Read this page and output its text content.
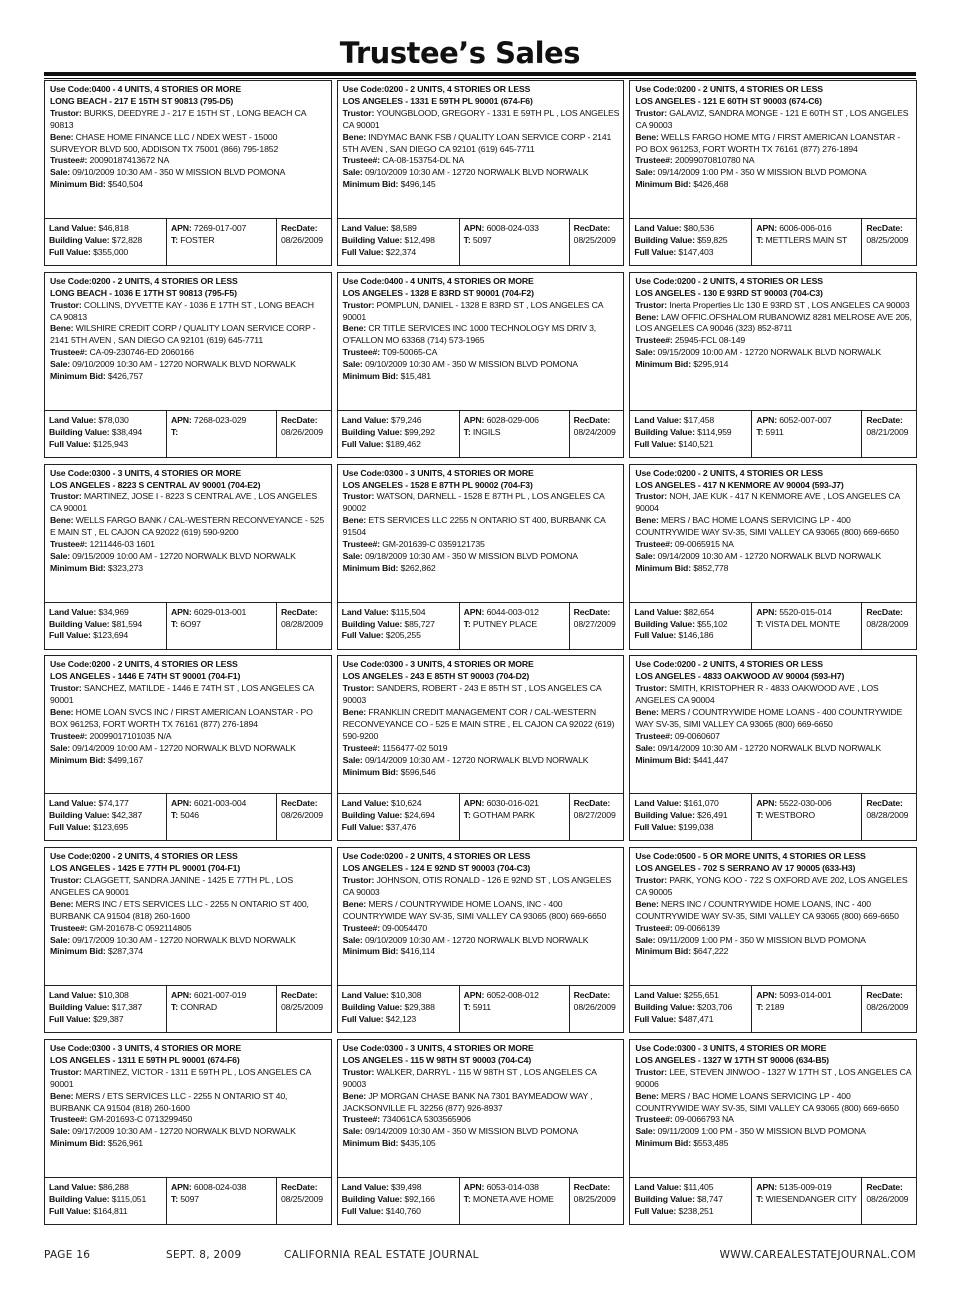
Trustee’s Sales
Use Code:0400 - 4 UNITS, 4 STORIES OR MORE
LONG BEACH - 217 E 15TH ST 90813 (795-D5)
Trustor: BURKS, DEEDYRE J - 217 E 15TH ST , LONG BEACH CA 90813
Bene: CHASE HOME FINANCE LLC / NDEX WEST - 15000 SURVEYOR BLVD 500, ADDISON TX 75001 (866) 795-1852
Trustee#: 20090187413672 NA
Sale: 09/10/2009 10:30 AM - 350 W MISSION BLVD POMONA
Minimum Bid: $540,504
Land Value: $46,818
Building Value: $72,828
Full Value: $355,000
APN: 7269-017-007
T: FOSTER
RecDate:
08/26/2009
Use Code:0200 - 2 UNITS, 4 STORIES OR LESS
LOS ANGELES - 1331 E 59TH PL 90001 (674-F6)
Trustor: YOUNGBLOOD, GREGORY - 1331 E 59TH PL , LOS ANGELES CA 90001
Bene: INDYMAC BANK FSB / QUALITY LOAN SERVICE CORP - 2141 5TH AVEN , SAN DIEGO CA 92101 (619) 645-7711
Trustee#: CA-08-153754-DL NA
Sale: 09/10/2009 10:30 AM - 12720 NORWALK BLVD NORWALK
Minimum Bid: $496,145
Land Value: $8,589
Building Value: $12,498
Full Value: $22,374
APN: 6008-024-033
T: 5097
RecDate:
08/25/2009
Use Code:0200 - 2 UNITS, 4 STORIES OR LESS
LOS ANGELES - 121 E 60TH ST 90003 (674-C6)
Trustor: GALAVIZ, SANDRA MONGE - 121 E 60TH ST , LOS ANGELES CA 90003
Bene: WELLS FARGO HOME MTG / FIRST AMERICAN LOANSTAR - PO BOX 961253, FORT WORTH TX 76161 (877) 276-1894
Trustee#: 20099070810780 NA
Sale: 09/14/2009 1:00 PM - 350 W MISSION BLVD POMONA
Minimum Bid: $426,468
Land Value: $80,536
Building Value: $59,825
Full Value: $147,403
APN: 6006-006-016
T: METTLERS MAIN ST
RecDate:
08/25/2009
Use Code:0200 - 2 UNITS, 4 STORIES OR LESS
LONG BEACH - 1036 E 17TH ST 90813 (795-F5)
Trustor: COLLINS, DYVETTE KAY - 1036 E 17TH ST , LONG BEACH CA 90813
Bene: WILSHIRE CREDIT CORP / QUALITY LOAN SERVICE CORP - 2141 5TH AVEN , SAN DIEGO CA 92101 (619) 645-7711
Trustee#: CA-09-230746-ED 2060166
Sale: 09/10/2009 10:30 AM - 12720 NORWALK BLVD NORWALK
Minimum Bid: $426,757
Land Value: $78,030
Building Value: $38,494
Full Value: $125,943
APN: 7268-023-029
T:
RecDate:
08/26/2009
Use Code:0400 - 4 UNITS, 4 STORIES OR MORE
LOS ANGELES - 1328 E 83RD ST 90001 (704-F2)
Trustor: POMPLUN, DANIEL - 1328 E 83RD ST , LOS ANGELES CA 90001
Bene: CR TITLE SERVICES INC 1000 TECHNOLOGY MS DRIV 3, O'FALLON MO 63368 (714) 573-1965
Trustee#: T09-50065-CA
Sale: 09/10/2009 10:30 AM - 350 W MISSION BLVD POMONA
Minimum Bid: $15,481
Land Value: $79,246
Building Value: $99,292
Full Value: $189,462
APN: 6028-029-006
T: INGILS
RecDate:
08/24/2009
Use Code:0200 - 2 UNITS, 4 STORIES OR LESS
LOS ANGELES - 130 E 93RD ST 90003 (704-C3)
Trustor: Inerta Properties Llc 130 E 93RD ST , LOS ANGELES CA 90003
Bene: LAW OFFIC.OFSHALOM RUBANOWIZ 8281 MELROSE AVE 205, LOS ANGELES CA 90046 (323) 852-8711
Trustee#: 25945-FCL 08-149
Sale: 09/15/2009 10:00 AM - 12720 NORWALK BLVD NORWALK
Minimum Bid: $295,914
Land Value: $17,458
Building Value: $114,959
Full Value: $140,521
APN: 6052-007-007
T: 5911
RecDate:
08/21/2009
Use Code:0300 - 3 UNITS, 4 STORIES OR MORE
LOS ANGELES - 8223 S CENTRAL AV 90001 (704-E2)
Trustor: MARTINEZ, JOSE I - 8223 S CENTRAL AVE , LOS ANGELES CA 90001
Bene: WELLS FARGO BANK / CAL-WESTERN RECONVEYANCE - 525 E MAIN ST , EL CAJON CA 92022 (619) 590-9200
Trustee#: 1211446-03 1601
Sale: 09/15/2009 10:00 AM - 12720 NORWALK BLVD NORWALK
Minimum Bid: $323,273
Land Value: $34,969
Building Value: $81,594
Full Value: $123,694
APN: 6029-013-001
T: 6O97
RecDate:
08/28/2009
Use Code:0300 - 3 UNITS, 4 STORIES OR MORE
LOS ANGELES - 1528 E 87TH PL 90002 (704-F3)
Trustor: WATSON, DARNELL - 1528 E 87TH PL , LOS ANGELES CA 90002
Bene: ETS SERVICES LLC 2255 N ONTARIO ST 400, BURBANK CA 91504
Trustee#: GM-201639-C 0359121735
Sale: 09/18/2009 10:30 AM - 350 W MISSION BLVD POMONA
Minimum Bid: $262,862
Land Value: $115,504
Building Value: $85,727
Full Value: $205,255
APN: 6044-003-012
T: PUTNEY PLACE
RecDate:
08/27/2009
Use Code:0200 - 2 UNITS, 4 STORIES OR LESS
LOS ANGELES - 417 N KENMORE AV 90004 (593-J7)
Trustor: NOH, JAE KUK - 417 N KENMORE AVE , LOS ANGELES CA 90004
Bene: MERS / BAC HOME LOANS SERVICING LP - 400 COUNTRYWIDE WAY SV-35, SIMI VALLEY CA 93065 (800) 669-6650
Trustee#: 09-0065915 NA
Sale: 09/14/2009 10:30 AM - 12720 NORWALK BLVD NORWALK
Minimum Bid: $852,778
Land Value: $82,654
Building Value: $55,102
Full Value: $146,186
APN: 5520-015-014
T: VISTA DEL MONTE
RecDate:
08/28/2009
Use Code:0200 - 2 UNITS, 4 STORIES OR LESS
LOS ANGELES - 1446 E 74TH ST 90001 (704-F1)
Trustor: SANCHEZ, MATILDE - 1446 E 74TH ST , LOS ANGELES CA 90001
Bene: HOME LOAN SVCS INC / FIRST AMERICAN LOANSTAR - PO BOX 961253, FORT WORTH TX 76161 (877) 276-1894
Trustee#: 20099017101035 N/A
Sale: 09/14/2009 10:00 AM - 12720 NORWALK BLVD NORWALK
Minimum Bid: $499,167
Land Value: $74,177
Building Value: $42,387
Full Value: $123,695
APN: 6021-003-004
T: 5046
RecDate:
08/26/2009
Use Code:0300 - 3 UNITS, 4 STORIES OR MORE
LOS ANGELES - 243 E 85TH ST 90003 (704-D2)
Trustor: SANDERS, ROBERT - 243 E 85TH ST , LOS ANGELES CA 90003
Bene: FRANKLIN CREDIT MANAGEMENT COR / CAL-WESTERN RECONVEYANCE CO - 525 E MAIN STRE , EL CAJON CA 92022 (619) 590-9200
Trustee#: 1156477-02 5019
Sale: 09/14/2009 10:30 AM - 12720 NORWALK BLVD NORWALK
Minimum Bid: $596,546
Land Value: $10,624
Building Value: $24,694
Full Value: $37,476
APN: 6030-016-021
T: GOTHAM PARK
RecDate:
08/27/2009
Use Code:0200 - 2 UNITS, 4 STORIES OR LESS
LOS ANGELES - 4833 OAKWOOD AV 90004 (593-H7)
Trustor: SMITH, KRISTOPHER R - 4833 OAKWOOD AVE , LOS ANGELES CA 90004
Bene: MERS / COUNTRYWIDE HOME LOANS - 400 COUNTRYWIDE WAY SV-35, SIMI VALLEY CA 93065 (800) 669-6650
Trustee#: 09-0060607
Sale: 09/14/2009 10:30 AM - 12720 NORWALK BLVD NORWALK
Minimum Bid: $441,447
Land Value: $161,070
Building Value: $26,491
Full Value: $199,038
APN: 5522-030-006
T: WESTBORO
RecDate:
08/28/2009
Use Code:0200 - 2 UNITS, 4 STORIES OR LESS
LOS ANGELES - 1425 E 77TH PL 90001 (704-F1)
Trustor: CLAGGETT, SANDRA JANINE - 1425 E 77TH PL , LOS ANGELES CA 90001
Bene: MERS INC / ETS SERVICES LLC - 2255 N ONTARIO ST 400, BURBANK CA 91504 (818) 260-1600
Trustee#: GM-201678-C 0592114805
Sale: 09/17/2009 10:30 AM - 12720 NORWALK BLVD NORWALK
Minimum Bid: $287,374
Land Value: $10,308
Building Value: $17,387
Full Value: $29,387
APN: 6021-007-019
T: CONRAD
RecDate:
08/25/2009
Use Code:0200 - 2 UNITS, 4 STORIES OR LESS
LOS ANGELES - 124 E 92ND ST 90003 (704-C3)
Trustor: JOHNSON, OTIS RONALD - 126 E 92ND ST , LOS ANGELES CA 90003
Bene: MERS / COUNTRYWIDE HOME LOANS, INC - 400 COUNTRYWIDE WAY SV-35, SIMI VALLEY CA 93065 (800) 669-6650
Trustee#: 09-0054470
Sale: 09/10/2009 10:30 AM - 12720 NORWALK BLVD NORWALK
Minimum Bid: $416,114
Land Value: $10,308
Building Value: $29,388
Full Value: $42,123
APN: 6052-008-012
T: 5911
RecDate:
08/26/2009
Use Code:0500 - 5 OR MORE UNITS, 4 STORIES OR LESS
LOS ANGELES - 702 S SERRANO AV 17 90005 (633-H3)
Trustor: PARK, YONG KOO - 722 S OXFORD AVE 202, LOS ANGELES CA 90005
Bene: NERS INC / COUNTRYWIDE HOME LOANS, INC - 400 COUNTRYWIDE WAY SV-35, SIMI VALLEY CA 93065 (800) 669-6650
Trustee#: 09-0066139
Sale: 09/11/2009 1:00 PM - 350 W MISSION BLVD POMONA
Minimum Bid: $647,222
Land Value: $255,651
Building Value: $203,706
Full Value: $487,471
APN: 5093-014-001
T: 2189
RecDate:
08/26/2009
Use Code:0300 - 3 UNITS, 4 STORIES OR MORE
LOS ANGELES - 1311 E 59TH PL 90001 (674-F6)
Trustor: MARTINEZ, VICTOR - 1311 E 59TH PL , LOS ANGELES CA 90001
Bene: MERS / ETS SERVICES LLC - 2255 N ONTARIO ST 40, BURBANK CA 91504 (818) 260-1600
Trustee#: GM-201693-C 0713299450
Sale: 09/17/2009 10:30 AM - 12720 NORWALK BLVD NORWALK
Minimum Bid: $526,961
Land Value: $86,288
Building Value: $115,051
Full Value: $164,811
APN: 6008-024-038
T: 5097
RecDate:
08/25/2009
Use Code:0300 - 3 UNITS, 4 STORIES OR MORE
LOS ANGELES - 115 W 98TH ST 90003 (704-C4)
Trustor: WALKER, DARRYL - 115 W 98TH ST , LOS ANGELES CA 90003
Bene: JP MORGAN CHASE BANK NA 7301 BAYMEADOW WAY , JACKSONVILLE FL 32256 (877) 926-8937
Trustee#: 734061CA 5303565906
Sale: 09/14/2009 10:30 AM - 350 W MISSION BLVD POMONA
Minimum Bid: $435,105
Land Value: $39,498
Building Value: $92,166
Full Value: $140,760
APN: 6053-014-038
T: MONETA AVE HOME
RecDate:
08/25/2009
Use Code:0300 - 3 UNITS, 4 STORIES OR MORE
LOS ANGELES - 1327 W 17TH ST 90006 (634-B5)
Trustor: LEE, STEVEN JINWOO - 1327 W 17TH ST , LOS ANGELES CA 90006
Bene: MERS / BAC HOME LOANS SERVICING LP - 400 COUNTRYWIDE WAY SV-35, SIMI VALLEY CA 93065 (800) 669-6650
Trustee#: 09-0066793 NA
Sale: 09/11/2009 1:00 PM - 350 W MISSION BLVD POMONA
Minimum Bid: $553,485
Land Value: $11,405
Building Value: $8,747
Full Value: $238,251
APN: 5135-009-019
T: WIESENDANGER CITY
RecDate:
08/26/2009
PAGE 16	SEPT. 8, 2009	CALIFORNIA REAL ESTATE JOURNAL	WWW.CAREALESTATEJOURNAL.COM
